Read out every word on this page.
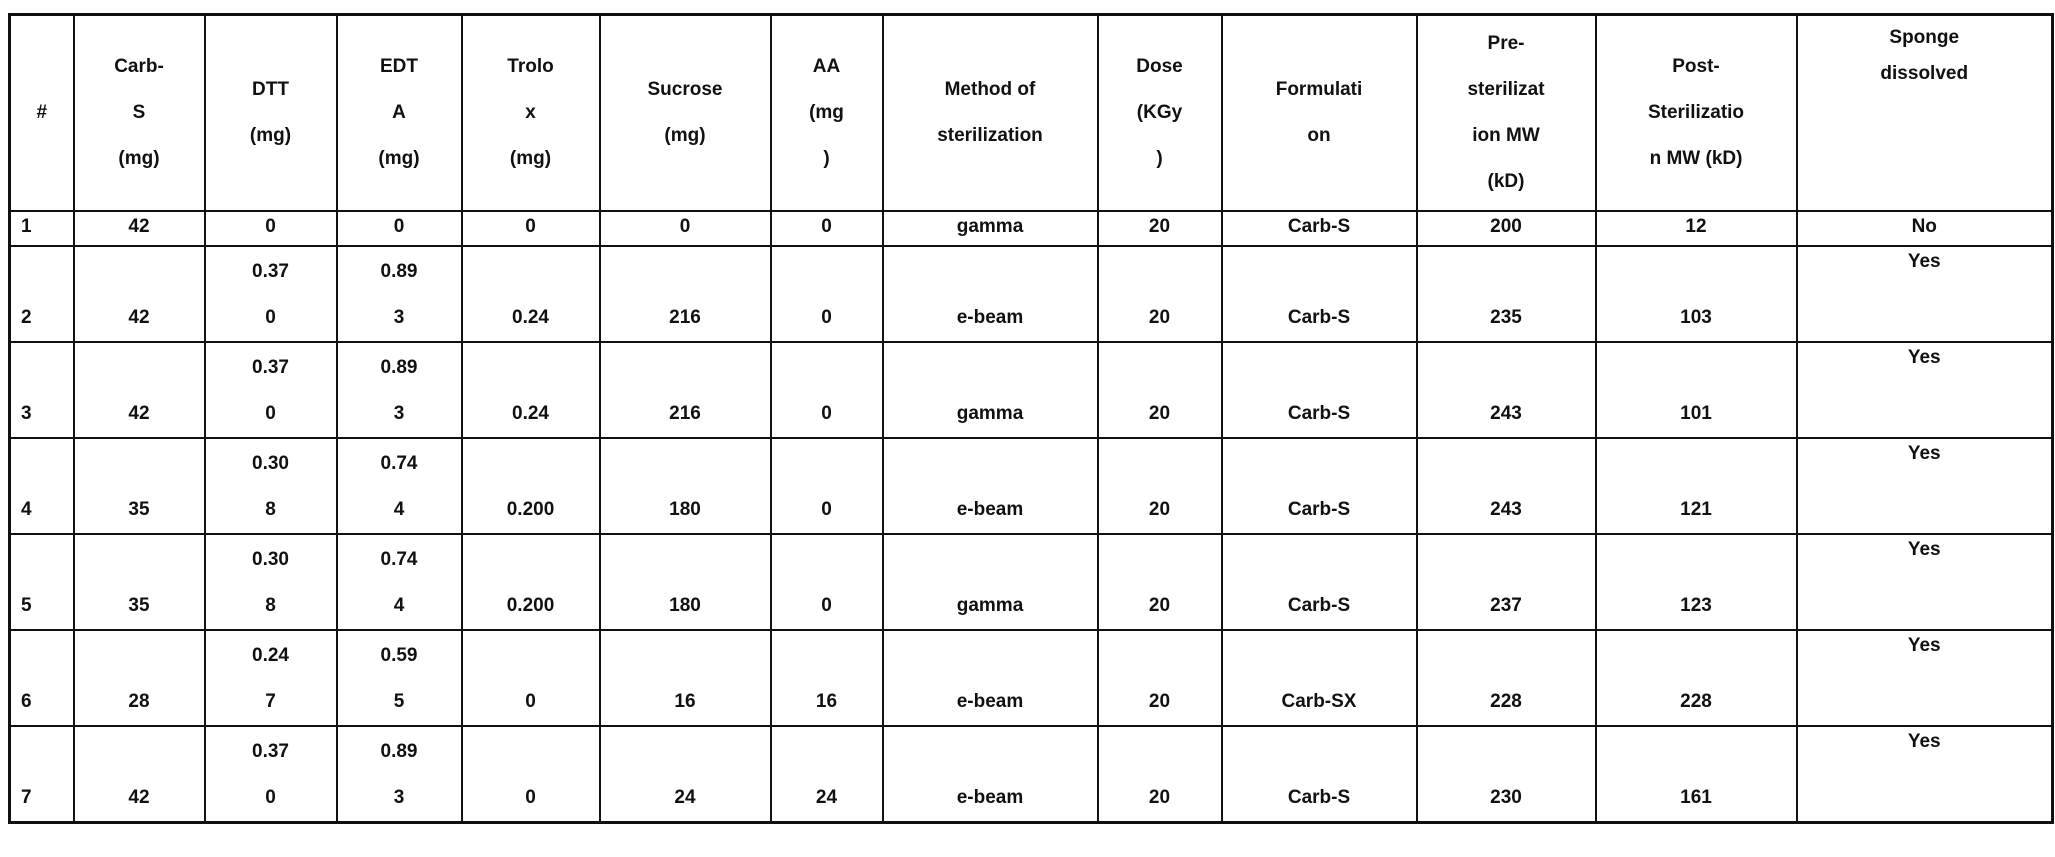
#	Carb-
S
(mg)	DTT
(mg)	EDT
A
(mg)	Trolo
x
(mg)	Sucrose
(mg)	AA
(mg
)	Method of
sterilization	Dose
(KGy
)	Formulati
on	Pre-
sterilizat
ion MW
(kD)	Post-
Sterilizatio
n MW (kD)	Sponge
dissolved
1	42	0	0	0	0	0	gamma	20	Carb-S	200	12	No
2	42	0.37
0	0.89
3	0.24	216	0	e-beam	20	Carb-S	235	103	Yes
3	42	0.37
0	0.89
3	0.24	216	0	gamma	20	Carb-S	243	101	Yes
4	35	0.30
8	0.74
4	0.200	180	0	e-beam	20	Carb-S	243	121	Yes
5	35	0.30
8	0.74
4	0.200	180	0	gamma	20	Carb-S	237	123	Yes
6	28	0.24
7	0.59
5	0	16	16	e-beam	20	Carb-SX	228	228	Yes
7	42	0.37
0	0.89
3	0	24	24	e-beam	20	Carb-S	230	161	Yes
